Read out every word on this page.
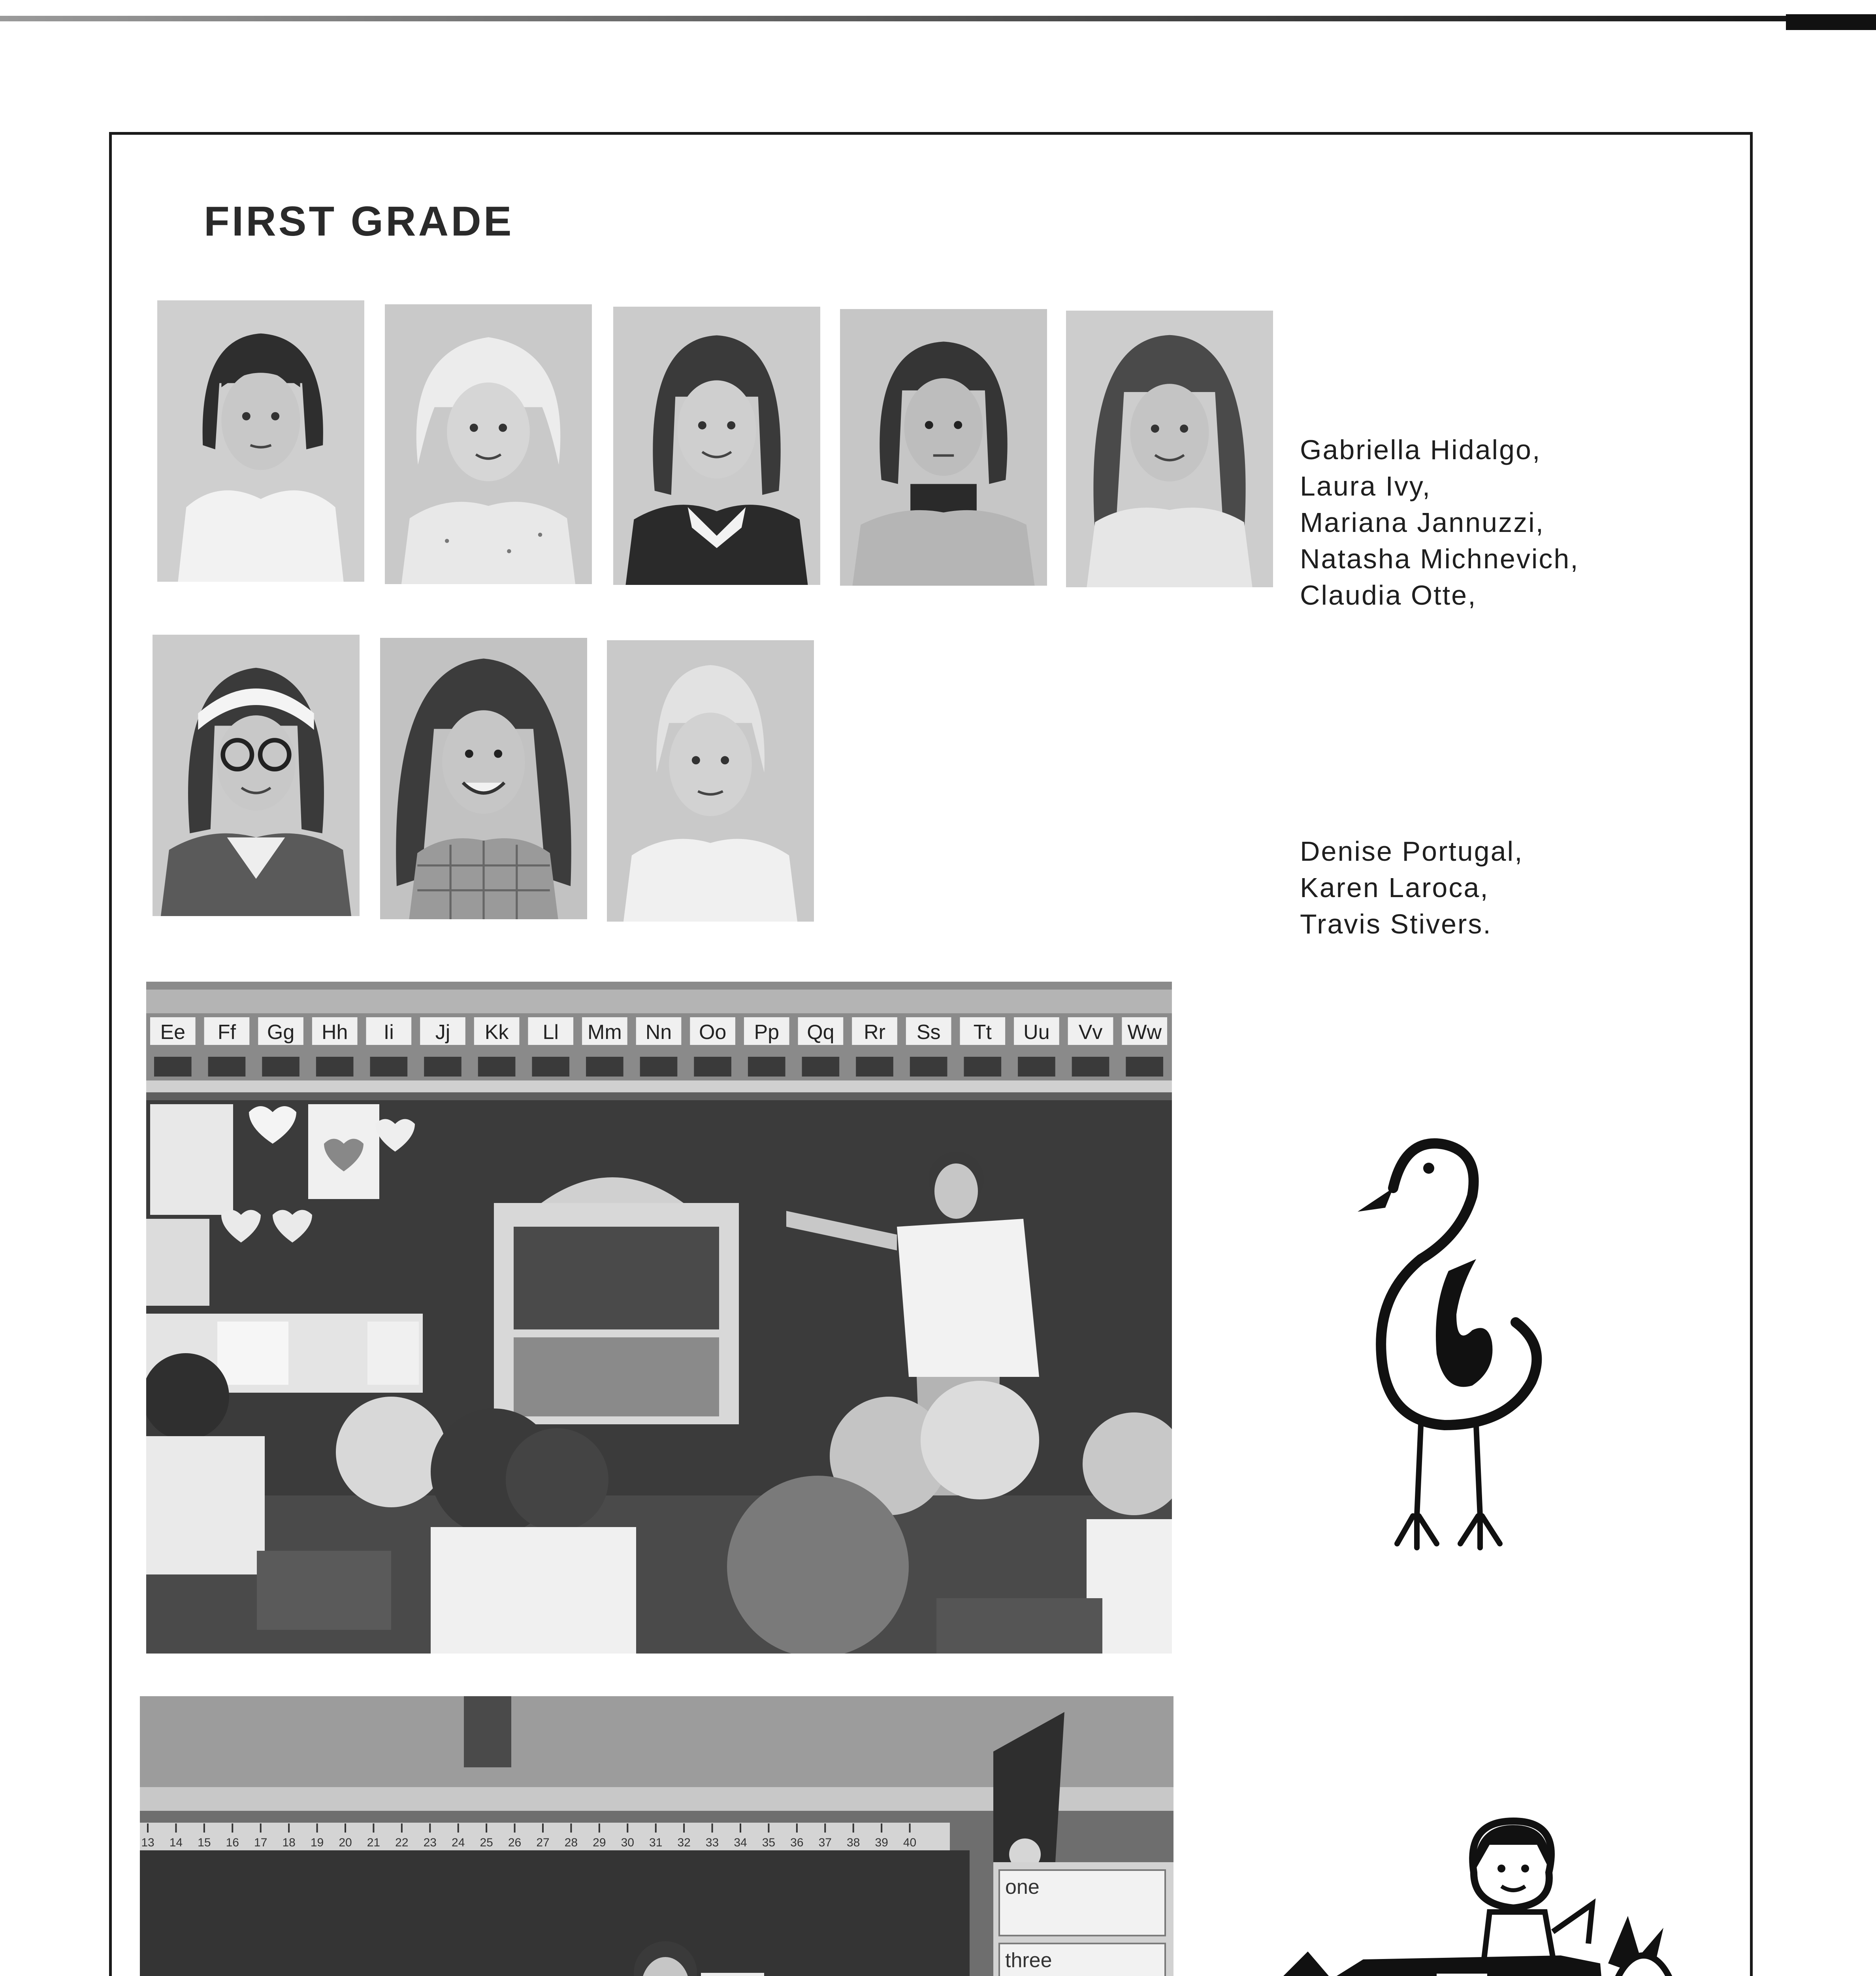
FIRST GRADE
Gabriella Hidalgo,
Laura Ivy,
Mariana Jannuzzi,
Natasha Michnevich,
Claudia Otte,
Denise Portugal,
Karen Laroca,
Travis Stivers.
Ee Ff Gg Hh Ii Jj Kk Ll Mm Nn Oo Pp Qq Rr Ss Tt Uu Vv Ww
13 14 15 16 17 18 19 20 21 22 23 24 25 26 27 28 29 30 31 32 33 34 35 36 37 38 39 40
one
three
